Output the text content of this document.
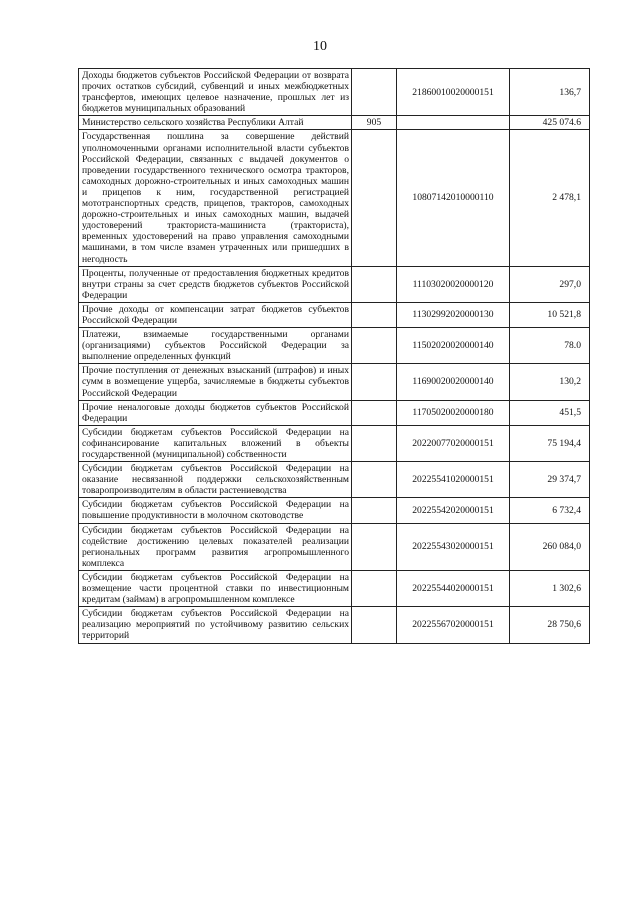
10
Доходы бюджетов субъектов Российской Федерации от возврата прочих остатков субсидий, субвенций и иных межбюджетных трансфертов, имеющих целевое назначение, прошлых лет из бюджетов муниципальных образований		21860010020000151	136,7
Министерство сельского хозяйства Республики Алтай	905		425 074.6
Государственная пошлина за совершение действий уполномоченными органами исполнительной власти субъектов Российской Федерации, связанных с выдачей документов о проведении государственного технического осмотра тракторов, самоходных дорожно-строительных и иных самоходных машин и прицепов к ним, государственной регистрацией мототранспортных средств, прицепов, тракторов, самоходных дорожно-строительных и иных самоходных машин, выдачей удостоверений тракториста-машиниста (тракториста), временных удостоверений на право управления самоходными машинами, в том числе взамен утраченных или пришедших в негодность		10807142010000110	2 478,1
Проценты, полученные от предоставления бюджетных кредитов внутри страны за счет средств бюджетов субъектов Российской Федерации		11103020020000120	297,0
Прочие доходы от компенсации затрат бюджетов субъектов Российской Федерации		11302992020000130	10 521,8
Платежи, взимаемые государственными органами (организациями) субъектов Российской Федерации за выполнение определенных функций		11502020020000140	78.0
Прочие поступления от денежных взысканий (штрафов) и иных сумм в возмещение ущерба, зачисляемые в бюджеты субъектов Российской Федерации		11690020020000140	130,2
Прочие неналоговые доходы бюджетов субъектов Российской Федерации		11705020020000180	451,5
Субсидии бюджетам субъектов Российской Федерации на софинансирование капитальных вложений в объекты государственной (муниципальной) собственности		20220077020000151	75 194,4
Субсидии бюджетам субъектов Российской Федерации на оказание несвязанной поддержки сельскохозяйственным товаропроизводителям в области растениеводства		20225541020000151	29 374,7
Субсидии бюджетам субъектов Российской Федерации на повышение продуктивности в молочном скотоводстве		20225542020000151	6 732,4
Субсидии бюджетам субъектов Российской Федерации на содействие достижению целевых показателей реализации региональных программ развития агропромышленного комплекса		20225543020000151	260 084,0
Субсидии бюджетам субъектов Российской Федерации на возмещение части процентной ставки по инвестиционным кредитам (займам) в агропромышленном комплексе		20225544020000151	1 302,6
Субсидии бюджетам субъектов Российской Федерации на реализацию мероприятий по устойчивому развитию сельских территорий		20225567020000151	28 750,6
